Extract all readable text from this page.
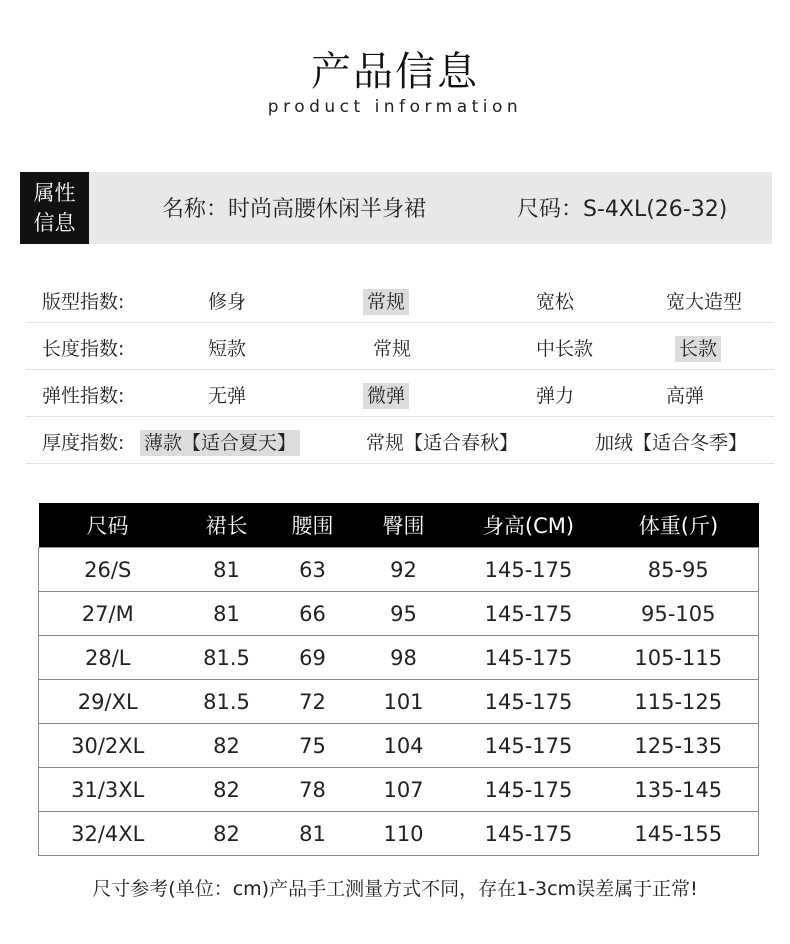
产品信息
product information
属性
信息
名称：时尚高腰休闲半身裙	尺码：S-4XL(26-32)
版型指数:	修身	常规	宽松	宽大造型
长度指数:	短款	常规	中长款	长款
弹性指数:	无弹	微弹	弹力	高弹
厚度指数: 薄款【适合夏天】	常规【适合春秋】	加绒【适合冬季】
尺码	裙长	腰围	臀围	身高(CM)	体重(斤)
26/S	81	63	92	145-175	85-95
27/M	81	66	95	145-175	95-105
28/L	81.5	69	98	145-175	105-115
29/XL	81.5	72	101	145-175	115-125
30/2XL	82	75	104	145-175	125-135
31/3XL	82	78	107	145-175	135-145
32/4XL	82	81	110	145-175	145-155
尺寸参考(单位：cm)产品手工测量方式不同，存在1-3cm误差属于正常!
